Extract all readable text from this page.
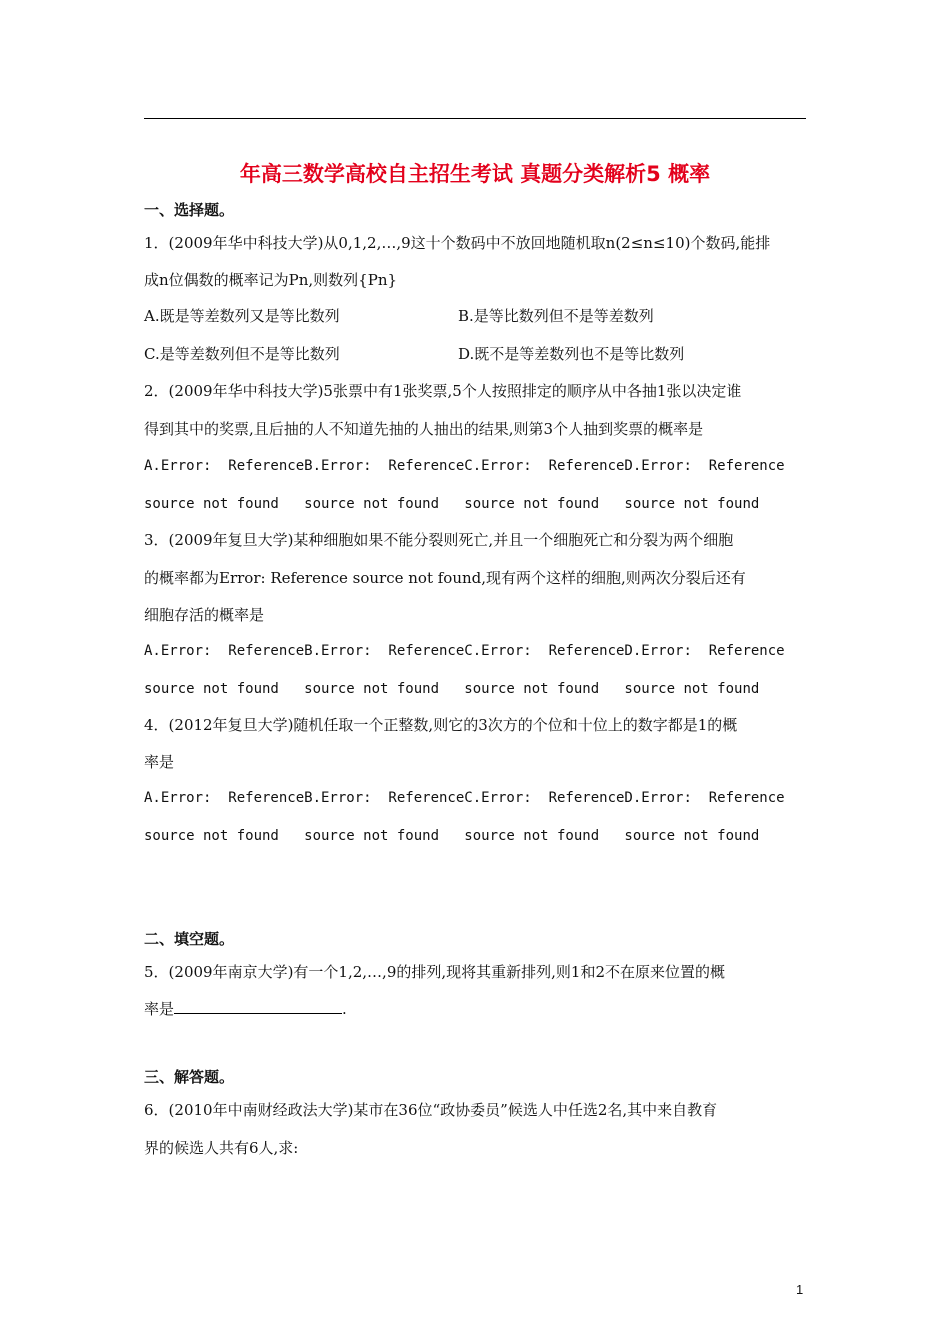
年高三数学高校自主招生考试 真题分类解析5 概率
一、选择题。
1．(2009年华中科技大学)从0,1,2,…,9这十个数码中不放回地随机取n(2≤n≤10)个数码,能排
成n位偶数的概率记为Pn,则数列{Pn}
A.既是等差数列又是等比数列	B.是等比数列但不是等差数列
C.是等差数列但不是等比数列	D.既不是等差数列也不是等比数列
2．(2009年华中科技大学)5张票中有1张奖票,5个人按照排定的顺序从中各抽1张以决定谁
得到其中的奖票,且后抽的人不知道先抽的人抽出的结果,则第3个人抽到奖票的概率是
A.Error:  ReferenceB.Error:  ReferenceC.Error:  ReferenceD.Error:  Reference
source not found   source not found   source not found   source not found
3．(2009年复旦大学)某种细胞如果不能分裂则死亡,并且一个细胞死亡和分裂为两个细胞
的概率都为Error: Reference source not found,现有两个这样的细胞,则两次分裂后还有
细胞存活的概率是
A.Error:  ReferenceB.Error:  ReferenceC.Error:  ReferenceD.Error:  Reference
source not found   source not found   source not found   source not found
4．(2012年复旦大学)随机任取一个正整数,则它的3次方的个位和十位上的数字都是1的概
率是
A.Error:  ReferenceB.Error:  ReferenceC.Error:  ReferenceD.Error:  Reference
source not found   source not found   source not found   source not found
二、填空题。
5．(2009年南京大学)有一个1,2,…,9的排列,现将其重新排列,则1和2不在原来位置的概
率是	.
三、解答题。
6．(2010年中南财经政法大学)某市在36位“政协委员”候选人中任选2名,其中来自教育
界的候选人共有6人,求:
1
